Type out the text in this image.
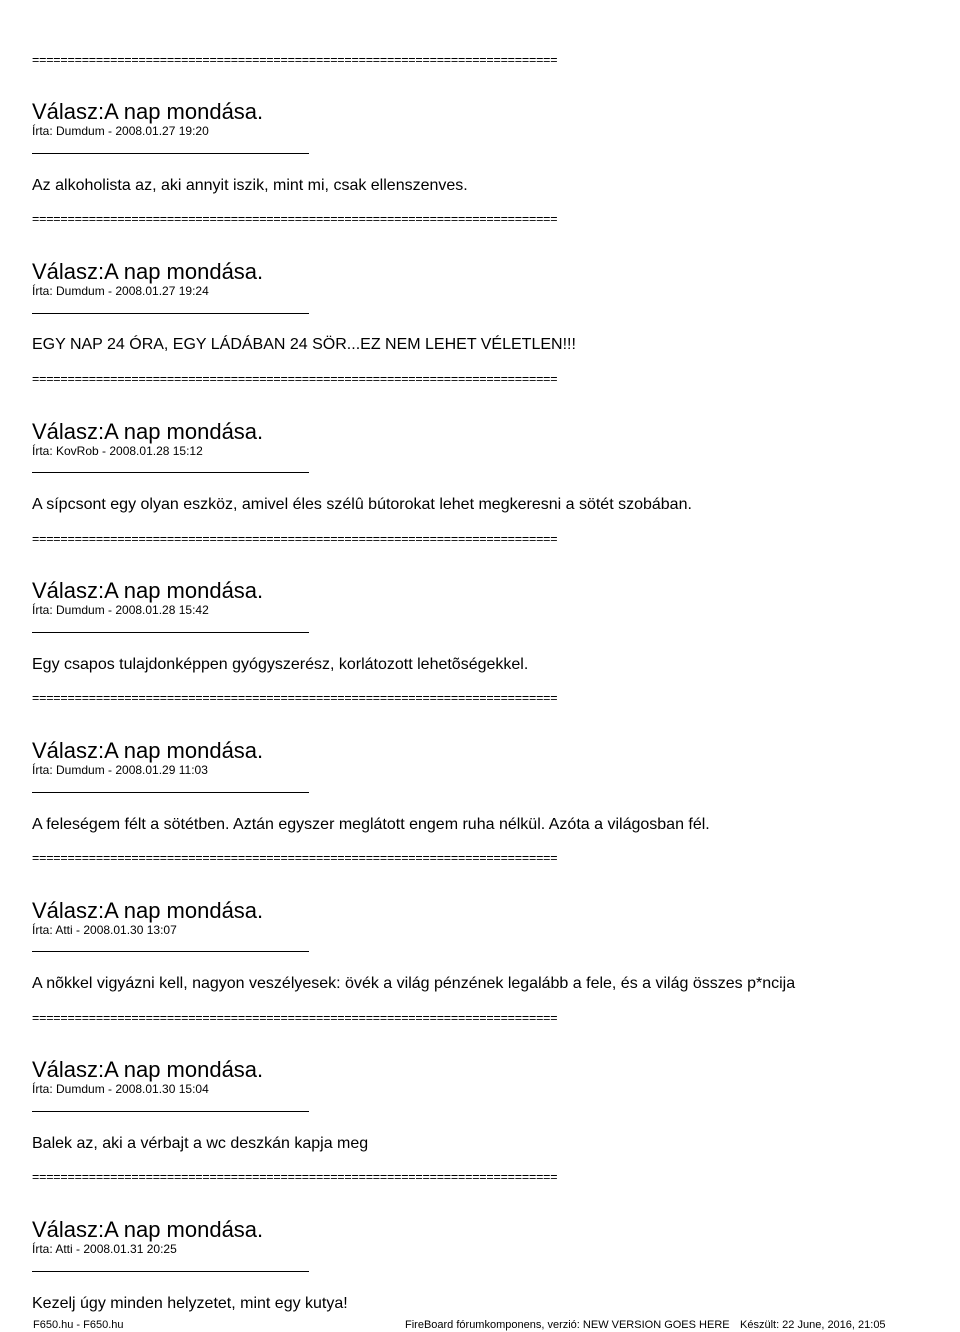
==========================================================================
==========================================================================
==========================================================================
==========================================================================
==========================================================================
==========================================================================
==========================================================================
==========================================================================
Válasz:A nap mondása.
Írta: Dumdum - 2008.01.27 19:20
Az alkoholista az, aki annyit iszik, mint mi, csak ellenszenves.
Válasz:A nap mondása.
Írta: Dumdum - 2008.01.27 19:24
EGY NAP 24 ÓRA, EGY LÁDÁBAN 24 SÖR...EZ NEM LEHET VÉLETLEN!!!
Válasz:A nap mondása.
Írta: KovRob - 2008.01.28 15:12
A sípcsont egy olyan eszköz, amivel éles szélû bútorokat lehet megkeresni a sötét szobában.
Válasz:A nap mondása.
Írta: Dumdum - 2008.01.28 15:42
Egy csapos tulajdonképpen gyógyszerész, korlátozott lehetõségekkel.
Válasz:A nap mondása.
Írta: Dumdum - 2008.01.29 11:03
A feleségem félt a sötétben. Aztán egyszer meglátott engem ruha nélkül. Azóta a világosban fél.
Válasz:A nap mondása.
Írta: Atti - 2008.01.30 13:07
A nõkkel vigyázni kell, nagyon veszélyesek: övék a világ pénzének legalább a fele, és a világ összes p*ncija
Válasz:A nap mondása.
Írta: Dumdum - 2008.01.30 15:04
Balek az, aki a vérbajt a wc deszkán kapja meg
Válasz:A nap mondása.
Írta: Atti - 2008.01.31 20:25
Kezelj úgy minden helyzetet, mint egy kutya!
F650.hu - F650.hu	FireBoard fórumkomponens, verzió: NEW VERSION GOES HERE Készült: 22 June, 2016, 21:05
